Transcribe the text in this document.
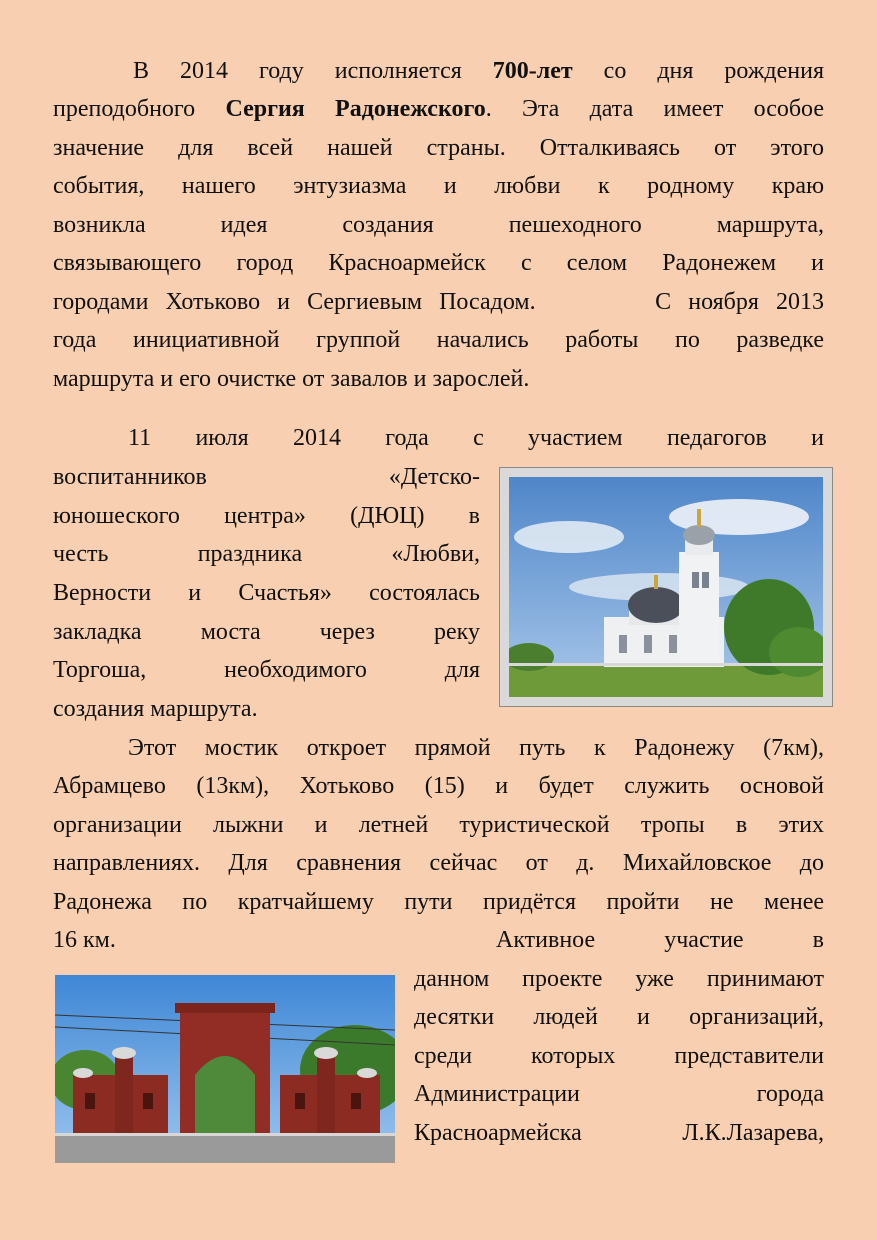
В 2014 году исполняется 700-лет со дня рождения
преподобного Сергия Радонежского. Эта дата имеет особое
значение для всей нашей страны. Отталкиваясь от этого
события, нашего энтузиазма и любви к родному краю
возникла идея создания пешеходного маршрута,
связывающего город Красноармейск с селом Радонежем и
городами Хотьково и Сергиевым Посадом.       С ноября 2013
года инициативной группой начались работы по разведке
маршрута и его очистке от завалов и зарослей.
11 июля 2014 года с участием педагогов и
воспитанников «Детско-
юношеского центра» (ДЮЦ) в
честь праздника «Любви,
Верности и Счастья» состоялась
закладка моста через реку
Торгоша, необходимого для
создания маршрута.
Этот мостик откроет прямой путь к Радонежу (7км),
Абрамцево (13км), Хотьково (15) и будет служить основой
организации лыжни и летней туристической тропы в этих
направлениях. Для сравнения сейчас от д. Михайловское до
Радонежа по кратчайшему пути придётся пройти не менее
16 км.	Активное участие в
данном проекте уже принимают
десятки людей и организаций,
среди которых представители
Администрации города
Красноармейска Л.К.Лазарева,
